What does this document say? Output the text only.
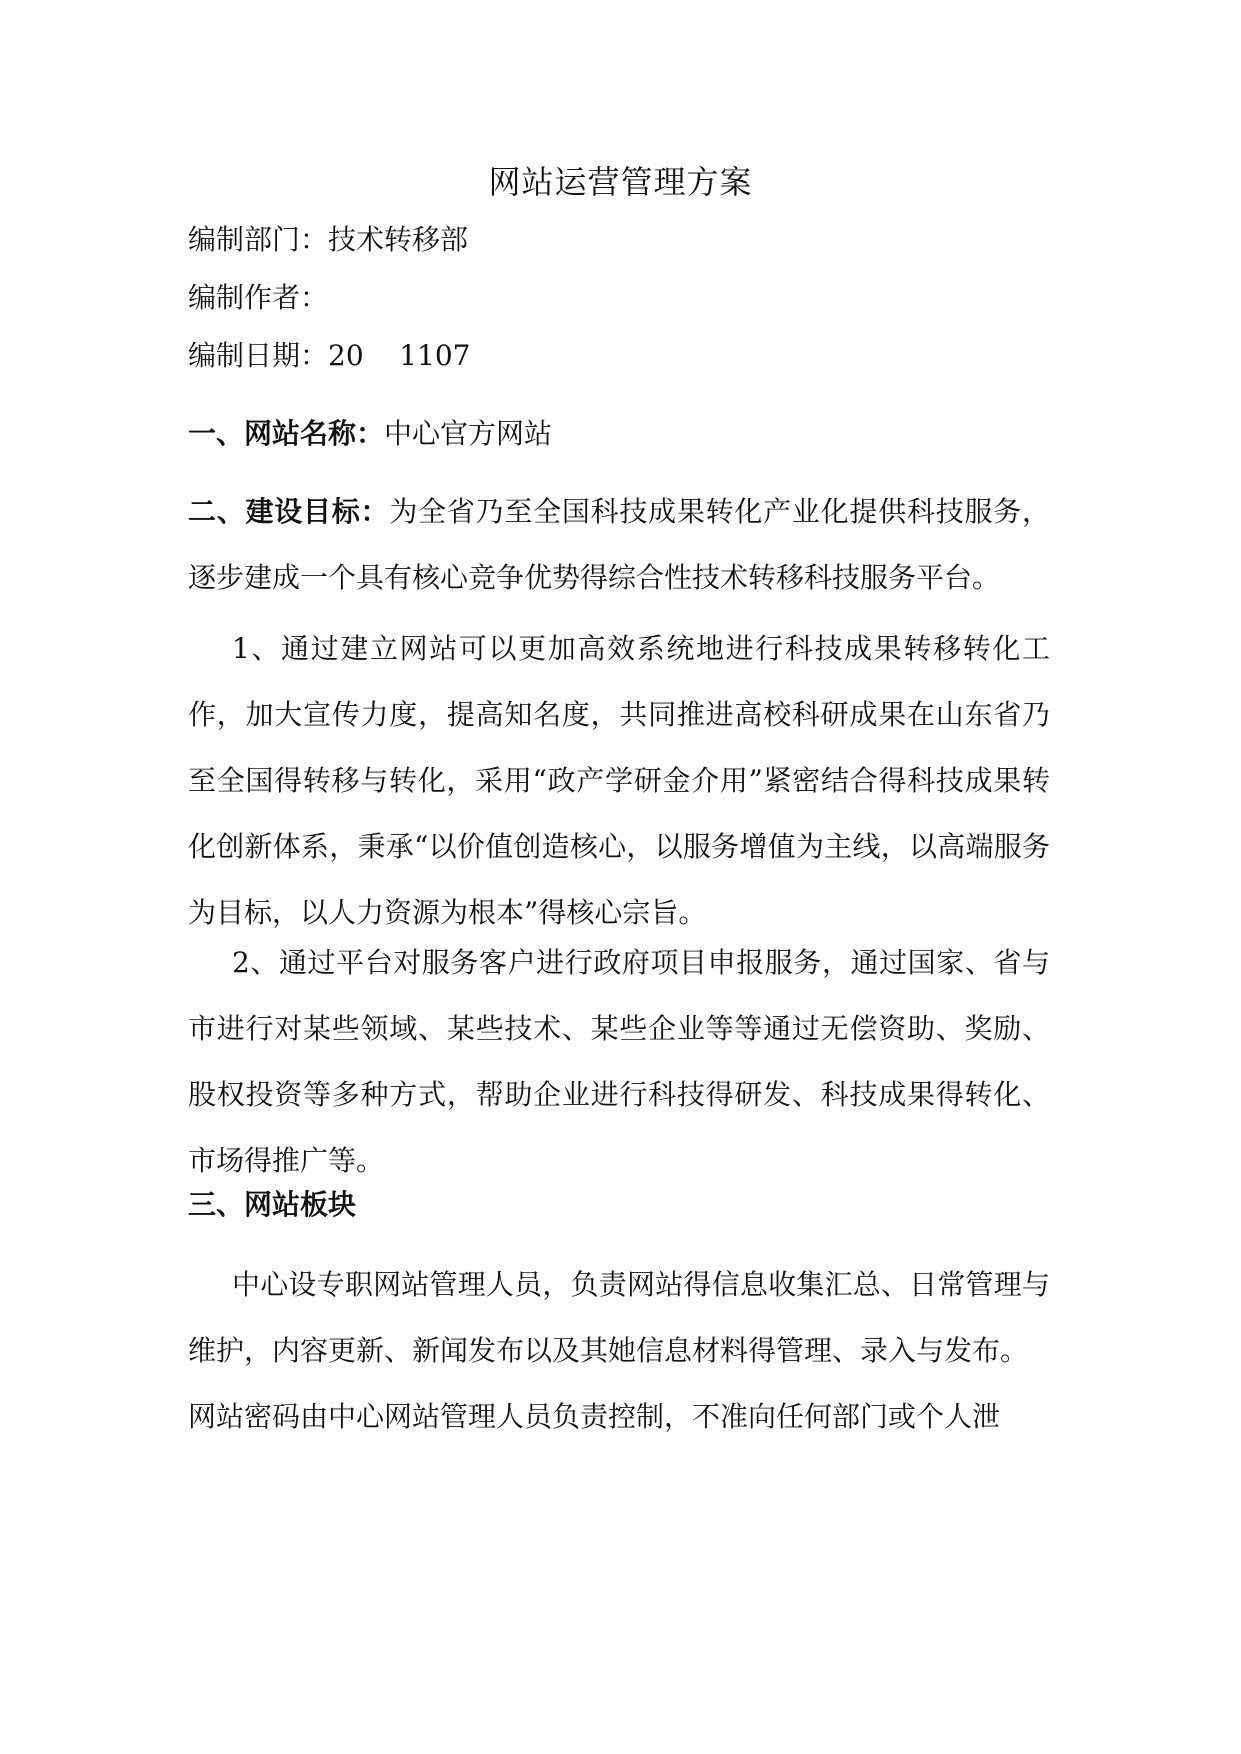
网站运营管理方案
编制部门：技术转移部
编制作者：
编制日期：20    1107
一、网站名称：中心官方网站

二、建设目标：为全省乃至全国科技成果转化产业化提供科技服务，逐步建成一个具有核心竞争优势得综合性技术转移科技服务平台。

1、通过建立网站可以更加高效系统地进行科技成果转移转化工作，加大宣传力度，提高知名度，共同推进高校科研成果在山东省乃至全国得转移与转化，采用“政产学研金介用”紧密结合得科技成果转化创新体系，秉承“以价值创造核心，以服务增值为主线，以高端服务为目标，以人力资源为根本”得核心宗旨。

2、通过平台对服务客户进行政府项目申报服务，通过国家、省与市进行对某些领域、某些技术、某些企业等等通过无偿资助、奖励、股权投资等多种方式，帮助企业进行科技得研发、科技成果得转化、市场得推广等。

三、网站板块

中心设专职网站管理人员，负责网站得信息收集汇总、日常管理与维护，内容更新、新闻发布以及其她信息材料得管理、录入与发布。

网站密码由中心网站管理人员负责控制，不准向任何部门或个人泄
